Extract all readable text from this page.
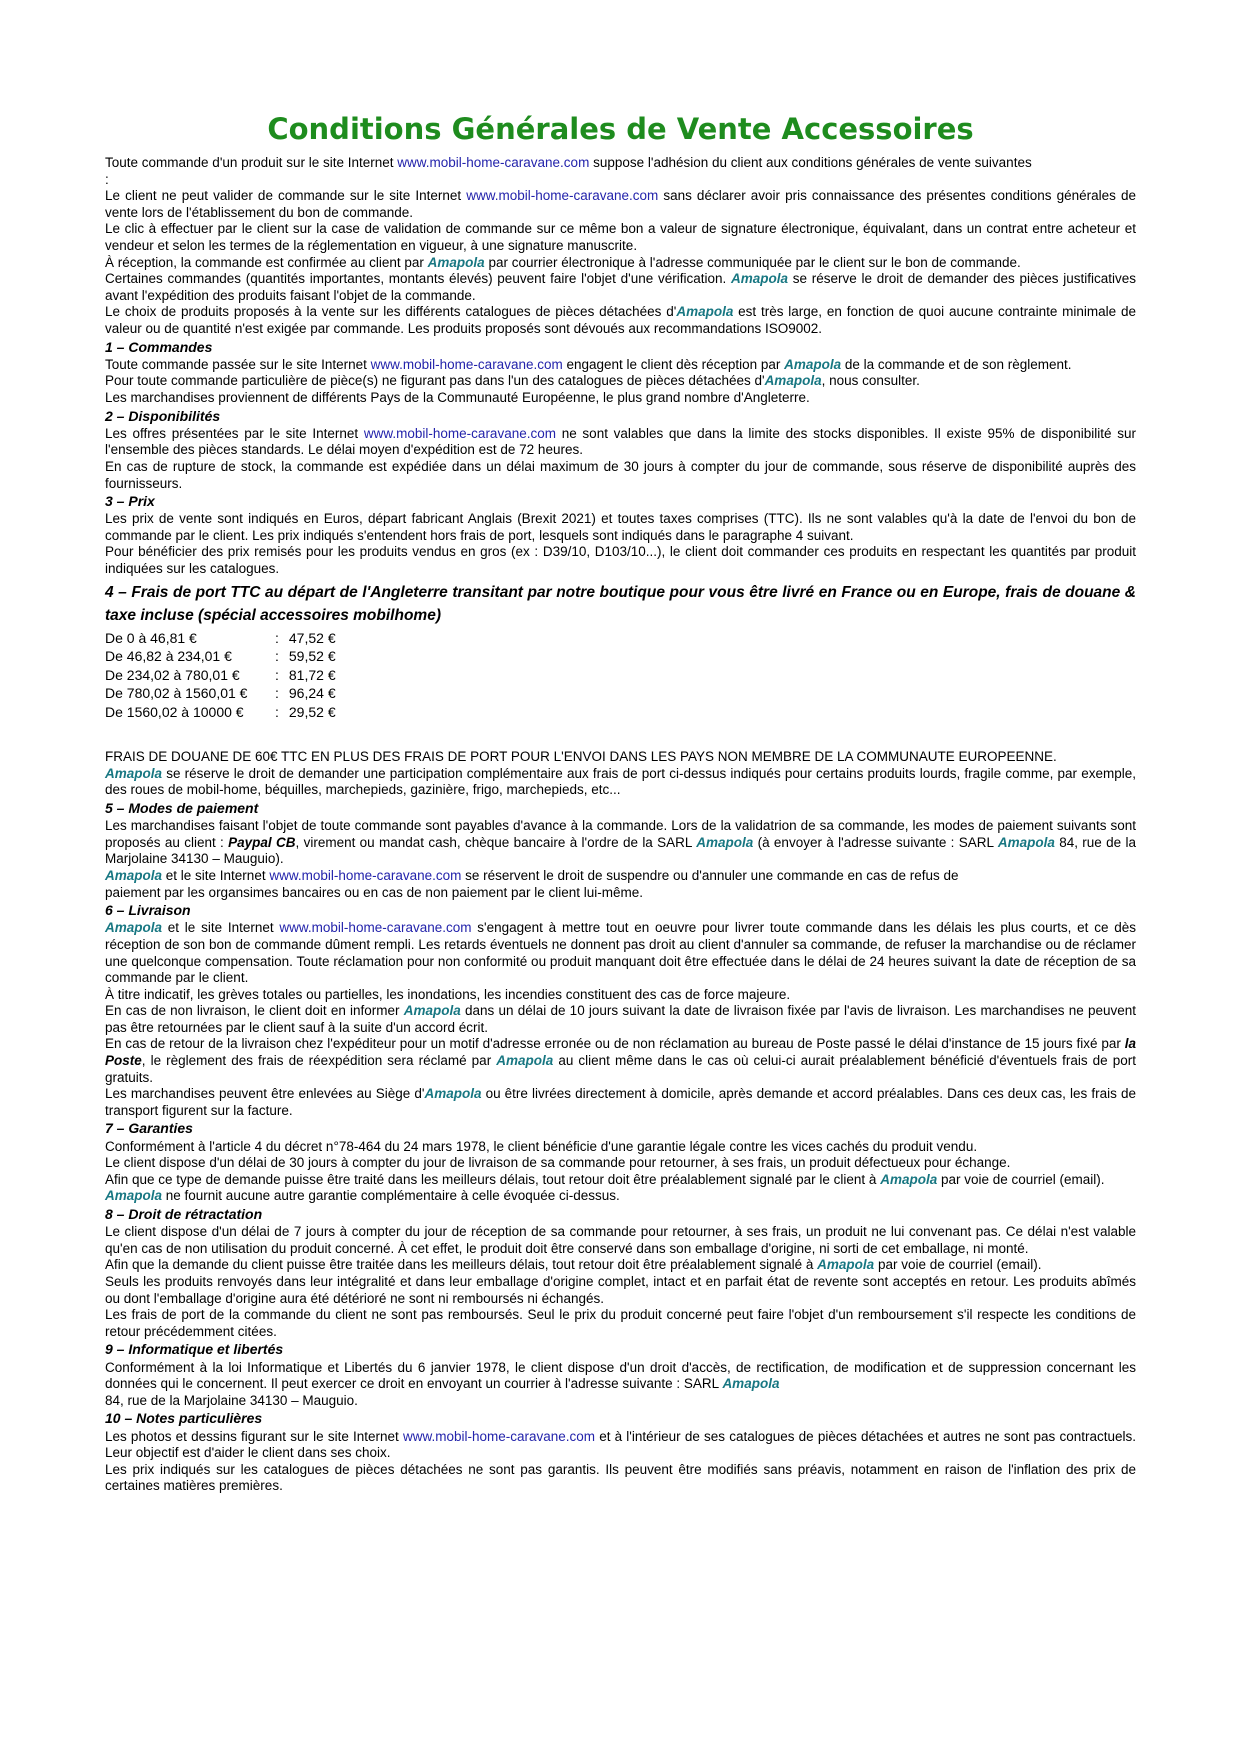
Conditions Générales de Vente Accessoires

Toute commande d'un produit sur le site Internet www.mobil-home-caravane.com suppose l'adhésion du client aux conditions générales de vente suivantes
:

Le client ne peut valider de commande sur le site Internet www.mobil-home-caravane.com sans déclarer avoir pris connaissance des présentes conditions générales de vente lors de l'établissement du bon de commande.

Le clic à effectuer par le client sur la case de validation de commande sur ce même bon a valeur de signature électronique, équivalant, dans un contrat entre acheteur et vendeur et selon les termes de la réglementation en vigueur, à une signature manuscrite.

À réception, la commande est confirmée au client par Amapola par courrier électronique à l'adresse communiquée par le client sur le bon de commande.

Certaines commandes (quantités importantes, montants élevés) peuvent faire l'objet d'une vérification. Amapola se réserve le droit de demander des pièces justificatives avant l'expédition des produits faisant l'objet de la commande.

Le choix de produits proposés à la vente sur les différents catalogues de pièces détachées d'Amapola est très large, en fonction de quoi aucune contrainte minimale de valeur ou de quantité n'est exigée par commande. Les produits proposés sont dévoués aux recommandations ISO9002.

1 – Commandes

Toute commande passée sur le site Internet www.mobil-home-caravane.com engagent le client dès réception par Amapola de la commande et de son règlement.

Pour toute commande particulière de pièce(s) ne figurant pas dans l'un des catalogues de pièces détachées d'Amapola, nous consulter.

Les marchandises proviennent de différents Pays de la Communauté Européenne, le plus grand nombre d'Angleterre.

2 – Disponibilités

Les offres présentées par le site Internet www.mobil-home-caravane.com ne sont valables que dans la limite des stocks disponibles. Il existe 95% de disponibilité sur l'ensemble des pièces standards. Le délai moyen d'expédition est de 72 heures.

En cas de rupture de stock, la commande est expédiée dans un délai maximum de 30 jours à compter du jour de commande, sous réserve de disponibilité auprès des fournisseurs.

3 – Prix

Les prix de vente sont indiqués en Euros, départ fabricant Anglais (Brexit 2021) et toutes taxes comprises (TTC). Ils ne sont valables qu'à la date de l'envoi du bon de commande par le client. Les prix indiqués s'entendent hors frais de port, lesquels sont indiqués dans le paragraphe 4 suivant.

Pour bénéficier des prix remisés pour les produits vendus en gros (ex : D39/10, D103/10...), le client doit commander ces produits en respectant les quantités par produit indiquées sur les catalogues.

4 – Frais de port TTC au départ de l'Angleterre transitant par notre boutique pour vous être livré en France ou en Europe, frais de douane & taxe incluse (spécial accessoires mobilhome)
De 0 à 46,81 €	: 47,52 €
De 46,82 à 234,01 €	: 59,52 €
De 234,02 à 780,01 €	: 81,72 €
De 780,02 à 1560,01 €	: 96,24 €
De 1560,02 à 10000 €	: 29,52 €

FRAIS DE DOUANE DE 60€ TTC EN PLUS DES FRAIS DE PORT POUR L'ENVOI DANS LES PAYS NON MEMBRE DE LA COMMUNAUTE EUROPEENNE.

Amapola se réserve le droit de demander une participation complémentaire aux frais de port ci-dessus indiqués pour certains produits lourds, fragile comme, par exemple, des roues de mobil-home, béquilles, marchepieds, gazinière, frigo, marchepieds, etc...

5 – Modes de paiement

Les marchandises faisant l'objet de toute commande sont payables d'avance à la commande. Lors de la validatrion de sa commande, les modes de paiement suivants sont proposés au client : Paypal CB, virement ou mandat cash, chèque bancaire à l'ordre de la SARL Amapola (à envoyer à l'adresse suivante : SARL Amapola 84, rue de la Marjolaine 34130 – Mauguio).

Amapola et le site Internet www.mobil-home-caravane.com se réservent le droit de suspendre ou d'annuler une commande en cas de refus de
paiement par les organsimes bancaires ou en cas de non paiement par le client lui-même.

6 – Livraison

Amapola et le site Internet www.mobil-home-caravane.com s'engagent à mettre tout en oeuvre pour livrer toute commande dans les délais les plus courts, et ce dès réception de son bon de commande dûment rempli. Les retards éventuels ne donnent pas droit au client d'annuler sa commande, de refuser la marchandise ou de réclamer une quelconque compensation. Toute réclamation pour non conformité ou produit manquant doit être effectuée dans le délai de 24 heures suivant la date de réception de sa commande par le client.

À titre indicatif, les grèves totales ou partielles, les inondations, les incendies constituent des cas de force majeure.

En cas de non livraison, le client doit en informer Amapola dans un délai de 10 jours suivant la date de livraison fixée par l'avis de livraison. Les marchandises ne peuvent pas être retournées par le client sauf à la suite d'un accord écrit.

En cas de retour de la livraison chez l'expéditeur pour un motif d'adresse erronée ou de non réclamation au bureau de Poste passé le délai d'instance de 15 jours fixé par la Poste, le règlement des frais de réexpédition sera réclamé par Amapola au client même dans le cas où celui-ci aurait préalablement bénéficié d'éventuels frais de port gratuits.

Les marchandises peuvent être enlevées au Siège d'Amapola ou être livrées directement à domicile, après demande et accord préalables. Dans ces deux cas, les frais de transport figurent sur la facture.

7 – Garanties

Conformément à l'article 4 du décret n°78-464 du 24 mars 1978, le client bénéficie d'une garantie légale contre les vices cachés du produit vendu.

Le client dispose d'un délai de 30 jours à compter du jour de livraison de sa commande pour retourner, à ses frais, un produit défectueux pour échange.

Afin que ce type de demande puisse être traité dans les meilleurs délais, tout retour doit être préalablement signalé par le client à Amapola par voie de courriel (email).

Amapola ne fournit aucune autre garantie complémentaire à celle évoquée ci-dessus.

8 – Droit de rétractation

Le client dispose d'un délai de 7 jours à compter du jour de réception de sa commande pour retourner, à ses frais, un produit ne lui convenant pas. Ce délai n'est valable qu'en cas de non utilisation du produit concerné. À cet effet, le produit doit être conservé dans son emballage d'origine, ni sorti de cet emballage, ni monté.

Afin que la demande du client puisse être traitée dans les meilleurs délais, tout retour doit être préalablement signalé à Amapola par voie de courriel (email).

Seuls les produits renvoyés dans leur intégralité et dans leur emballage d'origine complet, intact et en parfait état de revente sont acceptés en retour. Les produits abîmés ou dont l'emballage d'origine aura été détérioré ne sont ni remboursés ni échangés.

Les frais de port de la commande du client ne sont pas remboursés. Seul le prix du produit concerné peut faire l'objet d'un remboursement s'il respecte les conditions de retour précédemment citées.

9 – Informatique et libertés

Conformément à la loi Informatique et Libertés du 6 janvier 1978, le client dispose d'un droit d'accès, de rectification, de modification et de suppression concernant les données qui le concernent. Il peut exercer ce droit en envoyant un courrier à l'adresse suivante : SARL Amapola
84, rue de la Marjolaine 34130 – Mauguio.

10 – Notes particulières

Les photos et dessins figurant sur le site Internet www.mobil-home-caravane.com et à l'intérieur de ses catalogues de pièces détachées et autres ne sont pas contractuels. Leur objectif est d'aider le client dans ses choix.

Les prix indiqués sur les catalogues de pièces détachées ne sont pas garantis. Ils peuvent être modifiés sans préavis, notamment en raison de l'inflation des prix de certaines matières premières.
